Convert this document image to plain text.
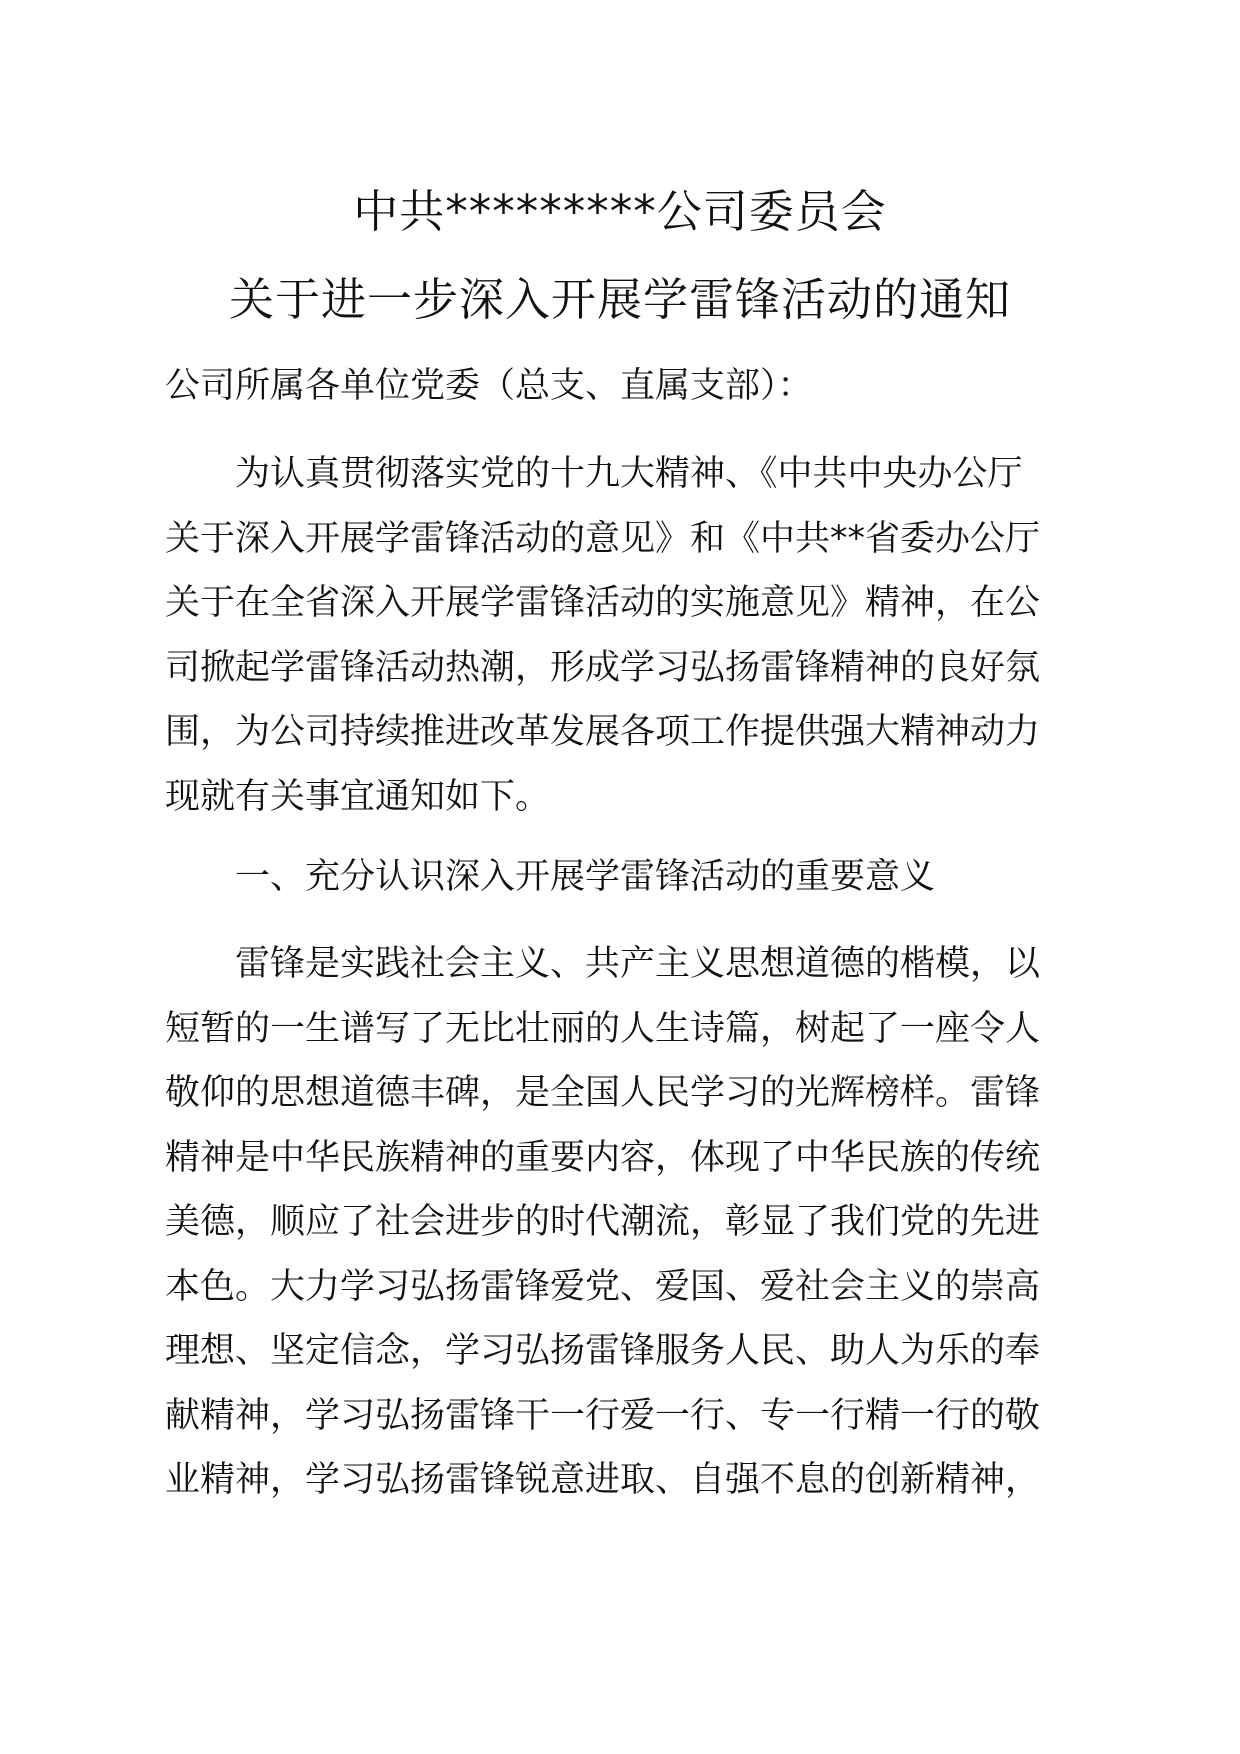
中共*********公司委员会
关于进一步深入开展学雷锋活动的通知
公司所属各单位党委（总支、直属支部）：
为认真贯彻落实党的十九大精神、《中共中央办公厅
关于深入开展学雷锋活动的意见》和《中共**省委办公厅
关于在全省深入开展学雷锋活动的实施意见》精神，在公
司掀起学雷锋活动热潮，形成学习弘扬雷锋精神的良好氛
围，为公司持续推进改革发展各项工作提供强大精神动力
现就有关事宜通知如下。
一、充分认识深入开展学雷锋活动的重要意义
雷锋是实践社会主义、共产主义思想道德的楷模，以
短暂的一生谱写了无比壮丽的人生诗篇，树起了一座令人
敬仰的思想道德丰碑，是全国人民学习的光辉榜样。雷锋
精神是中华民族精神的重要内容，体现了中华民族的传统
美德，顺应了社会进步的时代潮流，彰显了我们党的先进
本色。大力学习弘扬雷锋爱党、爱国、爱社会主义的崇高
理想、坚定信念，学习弘扬雷锋服务人民、助人为乐的奉
献精神，学习弘扬雷锋干一行爱一行、专一行精一行的敬
业精神，学习弘扬雷锋锐意进取、自强不息的创新精神，
